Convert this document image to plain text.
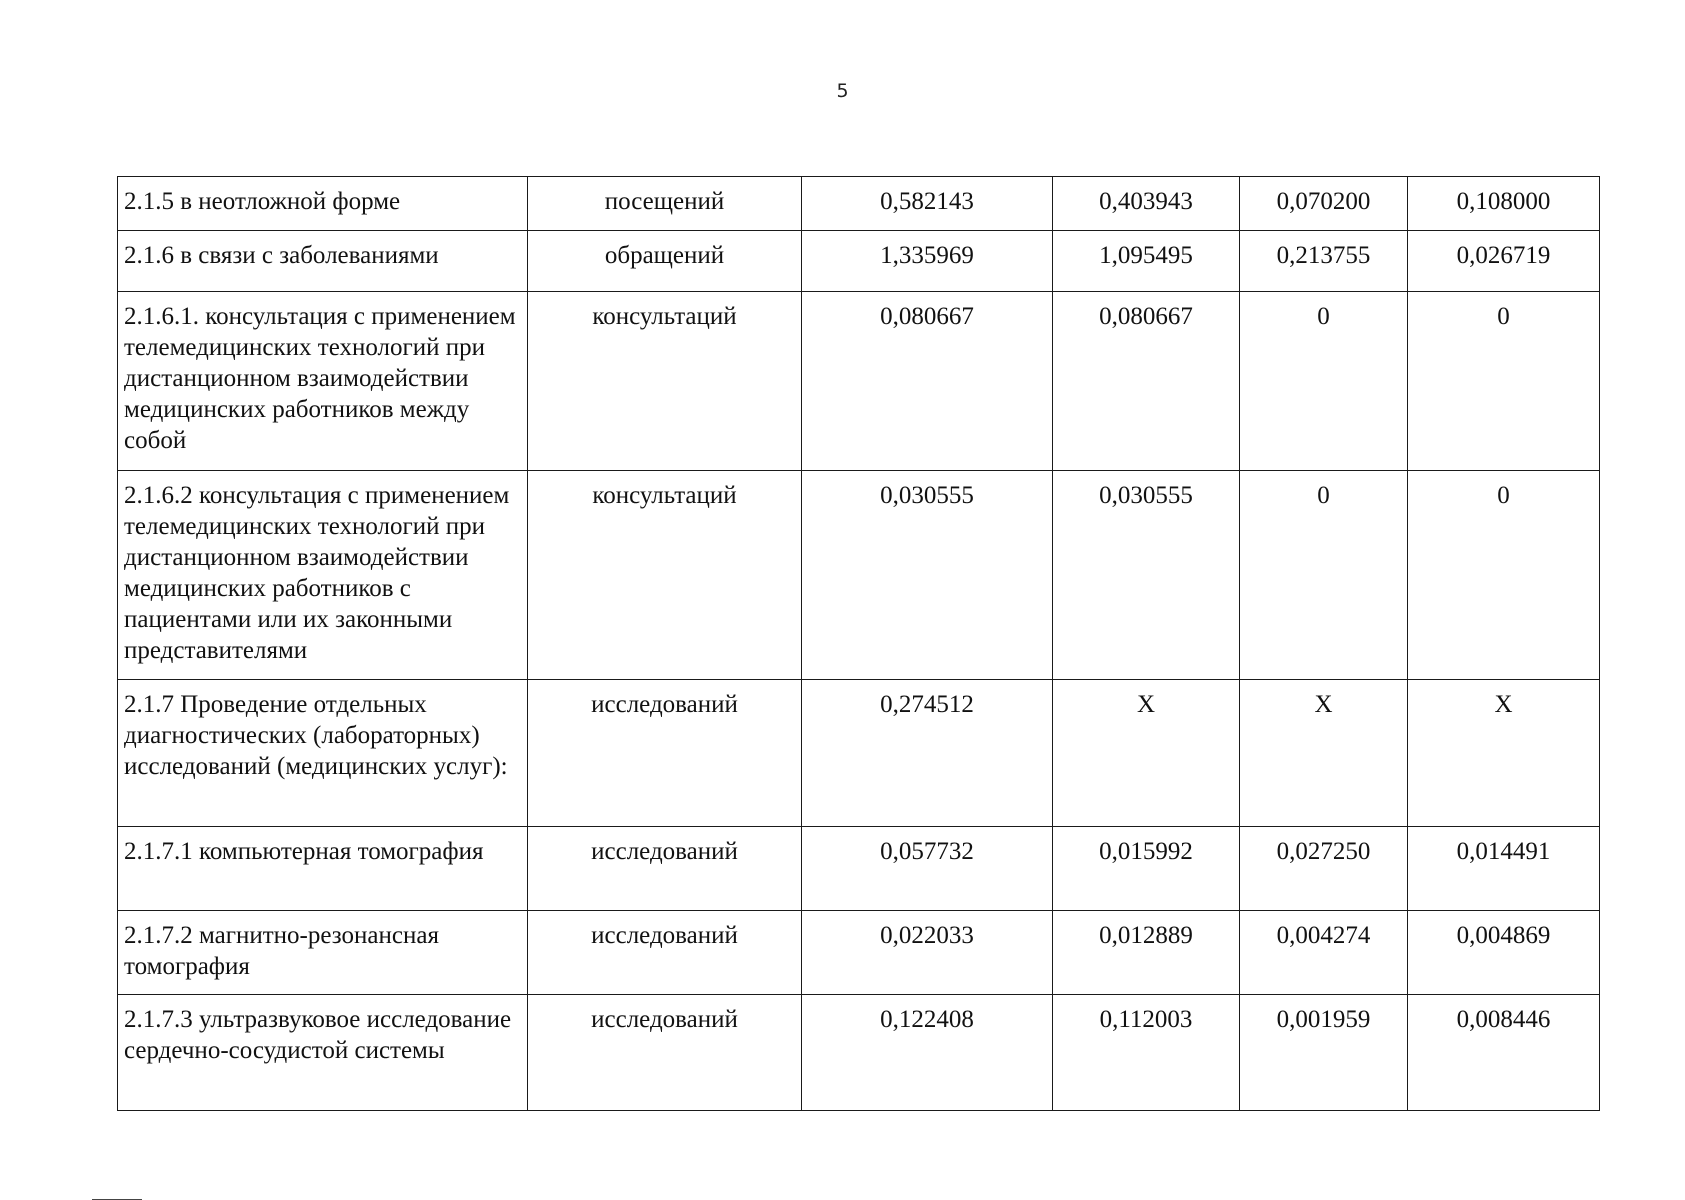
5
2.1.5 в неотложной форме	посещений	0,582143	0,403943	0,070200	0,108000
2.1.6 в связи с заболеваниями	обращений	1,335969	1,095495	0,213755	0,026719
2.1.6.1. консультация с применением телемедицинских технологий при дистанционном взаимодействии медицинских работников между собой	консультаций	0,080667	0,080667	0	0
2.1.6.2 консультация с применением телемедицинских технологий при дистанционном взаимодействии медицинских работников с пациентами или их законными представителями	консультаций	0,030555	0,030555	0	0
2.1.7 Проведение отдельных диагностических (лабораторных) исследований (медицинских услуг):	исследований	0,274512	X	X	X
2.1.7.1 компьютерная томография	исследований	0,057732	0,015992	0,027250	0,014491
2.1.7.2 магнитно-резонансная томография	исследований	0,022033	0,012889	0,004274	0,004869
2.1.7.3 ультразвуковое исследование сердечно-сосудистой системы	исследований	0,122408	0,112003	0,001959	0,008446
